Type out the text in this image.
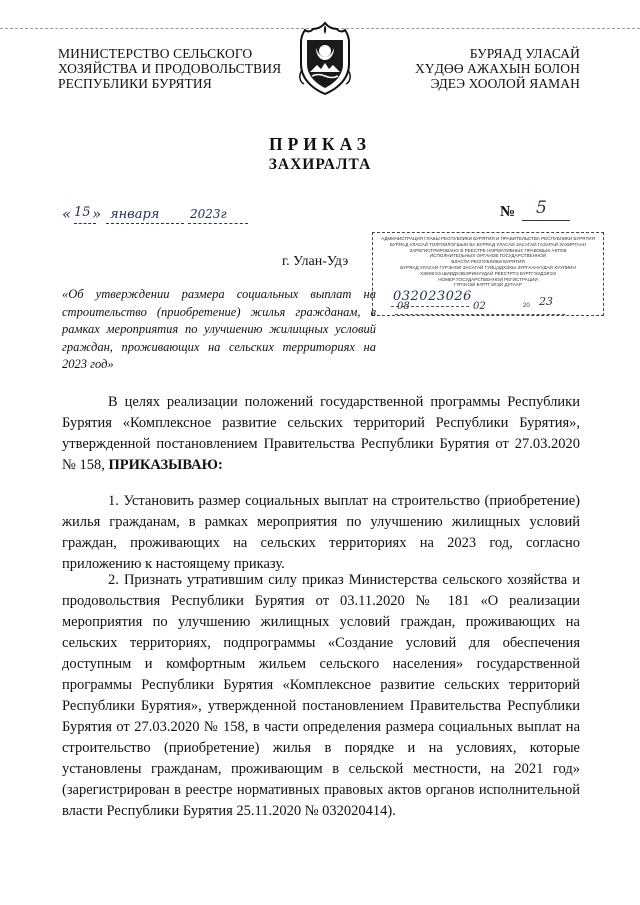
МИНИСТЕРСТВО СЕЛЬСКОГО
ХОЗЯЙСТВА И ПРОДОВОЛЬСТВИЯ
РЕСПУБЛИКИ БУРЯТИЯ
БУРЯАД УЛАСАЙ
ХYДӨӨ АЖАХЫН БОЛОН
ЭДЕЭ ХООЛОЙ ЯАМАН
ПРИКАЗ
ЗАХИРАЛТА
« 15 » января	2023г	№ 5
г. Улан-Удэ
АДМИНИСТРАЦИЯ ГЛАВЫ РЕСПУБЛИКИ БУРЯТИЯ И ПРАВИТЕЛЬСТВА РЕСПУБЛИКИ БУРЯТИЯ
БУРЯАД УЛАСАЙ ТОЛГОЙЛОГШЫН БА БУРЯАД УЛАСАЙ ЗАСАГАЙ ГАЗАРАЙ ЗАХИРГААН
ЗАРЕГИСТРИРОВАНО В РЕЕСТРЕ НОРМАТИВНЫХ ПРАВОВЫХ АКТОВ
ИСПОЛНИТЕЛЬНЫХ ОРГАНОВ ГОСУДАРСТВЕННОЙ
ВЛАСТИ РЕСПУБЛИКИ БУРЯТИЯ
БУРЯАД УЛАСАЙ ГУРЭНОЙ ЗАСАГАЙ ГУЙЦЭДХЭХЫ ЗУРГААНУУДАЙ ХУУЛИИН
ХЭМЖЭЭ ШИИДХЭБЭРИНУУДАЙ РЕЕСТРТЭ БҮРТГЭЭДЭЛЭЭ
НОМЕР ГОСУДАРСТВЕННОЙ РЕГИСТРАЦИИ
ГҮРЭНЭЙ БҮРТГЭЛЭЙ ДУГААР
032023026
08	02	20 23
«Об утверждении размера социальных выплат на строительство (приобретение) жилья гражданам, в рамках мероприятия по улучшению жилищных условий граждан, проживающих на сельских территориях на 2023 год»
В целях реализации положений государственной программы Республики Бурятия «Комплексное развитие сельских территорий Республики Бурятия», утвержденной постановлением Правительства Республики Бурятия от 27.03.2020 № 158, ПРИКАЗЫВАЮ:
1. Установить размер социальных выплат на строительство (приобретение) жилья гражданам, в рамках мероприятия по улучшению жилищных условий граждан, проживающих на сельских территориях на 2023 год, согласно приложению к настоящему приказу.
2. Признать утратившим силу приказ Министерства сельского хозяйства и продовольствия Республики Бурятия от 03.11.2020 № 181 «О реализации мероприятия по улучшению жилищных условий граждан, проживающих на сельских территориях, подпрограммы «Создание условий для обеспечения доступным и комфортным жильем сельского населения» государственной программы Республики Бурятия «Комплексное развитие сельских территорий Республики Бурятия», утвержденной постановлением Правительства Республики Бурятия от 27.03.2020 № 158, в части определения размера социальных выплат на строительство (приобретение) жилья в порядке и на условиях, которые установлены гражданам, проживающим в сельской местности, на 2021 год» (зарегистрирован в реестре нормативных правовых актов органов исполнительной власти Республики Бурятия 25.11.2020 № 032020414).
